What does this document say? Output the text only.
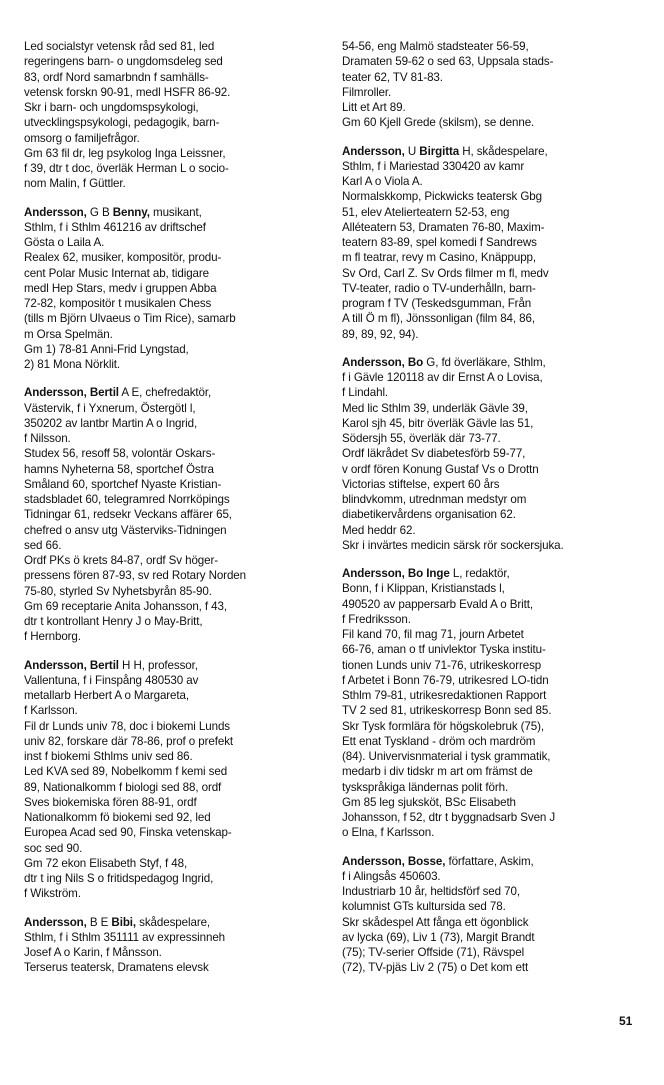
Led socialstyr vetensk råd sed 81, led
regeringens barn- o ungdomsdeleg sed
83, ordf Nord samarbndn f samhälls-
vetensk forskn 90-91, medl HSFR 86-92.
Skr i barn- och ungdomspsykologi,
utvecklingspsykologi, pedagogik, barn-
omsorg o familjefrågor.
Gm 63 fil dr, leg psykolog Inga Leissner,
f 39, dtr t doc, överläk Herman L o socio-
nom Malin, f Güttler.
Andersson, G B Benny, musikant,
Sthlm, f i Sthlm 461216 av driftschef
Gösta o Laila A.
Realex 62, musiker, kompositör, produ-
cent Polar Music Internat ab, tidigare
medl Hep Stars, medv i gruppen Abba
72-82, kompositör t musikalen Chess
(tills m Björn Ulvaeus o Tim Rice), samarb
m Orsa Spelmän.
Gm 1) 78-81 Anni-Frid Lyngstad,
2) 81 Mona Nörklit.
Andersson, Bertil A E, chefredaktör,
Västervik, f i Yxnerum, Östergötl l,
350202 av lantbr Martin A o Ingrid,
f Nilsson.
Studex 56, resoff 58, volontär Oskars-
hamns Nyheterna 58, sportchef Östra
Småland 60, sportchef Nyaste Kristian-
stadsbladet 60, telegramred Norrköpings
Tidningar 61, redsekr Veckans affärer 65,
chefred o ansv utg Västerviks-Tidningen
sed 66.
Ordf PKs ö krets 84-87, ordf Sv höger-
pressens fören 87-93, sv red Rotary Norden
75-80, styrled Sv Nyhetsbyrån 85-90.
Gm 69 receptarie Anita Johansson, f 43,
dtr t kontrollant Henry J o May-Britt,
f Hernborg.
Andersson, Bertil H H, professor,
Vallentuna, f i Finspång 480530 av
metallarb Herbert A o Margareta,
f Karlsson.
Fil dr Lunds univ 78, doc i biokemi Lunds
univ 82, forskare där 78-86, prof o prefekt
inst f biokemi Sthlms univ sed 86.
Led KVA sed 89, Nobelkomm f kemi sed
89, Nationalkomm f biologi sed 88, ordf
Sves biokemiska fören 88-91, ordf
Nationalkomm fö biokemi sed 92, led
Europea Acad sed 90, Finska vetenskap-
soc sed 90.
Gm 72 ekon Elisabeth Styf, f 48,
dtr t ing Nils S o fritidspedagog Ingrid,
f Wikström.
Andersson, B E Bibi, skådespelare,
Sthlm, f i Sthlm 351111 av expressinneh
Josef A o Karin, f Månsson.
Terserus teatersk, Dramatens elevsk
54-56, eng Malmö stadsteater 56-59,
Dramaten 59-62 o sed 63, Uppsala stads-
teater 62, TV 81-83.
Filmroller.
Litt et Art 89.
Gm 60 Kjell Grede (skilsm), se denne.
Andersson, U Birgitta H, skådespelare,
Sthlm, f i Mariestad 330420 av kamr
Karl A o Viola A.
Normalskkomp, Pickwicks teatersk Gbg
51, elev Atelierteatern 52-53, eng
Alléteatern 53, Dramaten 76-80, Maxim-
teatern 83-89, spel komedi f Sandrews
m fl teatrar, revy m Casino, Knäppupp,
Sv Ord, Carl Z. Sv Ords filmer m fl, medv
TV-teater, radio o TV-underhålln, barn-
program f TV (Teskedsgumman, Från
A till Ö m fl), Jönssonligan (film 84, 86,
89, 89, 92, 94).
Andersson, Bo G, fd överläkare, Sthlm,
f i Gävle 120118 av dir Ernst A o Lovisa,
f Lindahl.
Med lic Sthlm 39, underläk Gävle 39,
Karol sjh 45, bitr överläk Gävle las 51,
Södersjh 55, överläk där 73-77.
Ordf läkrådet Sv diabetesförb 59-77,
v ordf fören Konung Gustaf Vs o Drottn
Victorias stiftelse, expert 60 års
blindvkomm, utrednman medstyr om
diabetikervårdens organisation 62.
Med heddr 62.
Skr i invärtes medicin särsk rör sockersjuka.
Andersson, Bo Inge L, redaktör,
Bonn, f i Klippan, Kristianstads l,
490520 av pappersarb Evald A o Britt,
f Fredriksson.
Fil kand 70, fil mag 71, journ Arbetet
66-76, aman o tf univlektor Tyska institu-
tionen Lunds univ 71-76, utrikeskorresp
f Arbetet i Bonn 76-79, utrikesred LO-tidn
Sthlm 79-81, utrikesredaktionen Rapport
TV 2 sed 81, utrikeskorresp Bonn sed 85.
Skr Tysk formlära för högskolebruk (75),
Ett enat Tyskland - dröm och mardröm
(84). Univervisnmaterial i tysk grammatik,
medarb i div tidskr m art om främst de
tyskspråkiga ländernas polit förh.
Gm 85 leg sjuksköt, BSc Elisabeth
Johansson, f 52, dtr t byggnadsarb Sven J
o Elna, f Karlsson.
Andersson, Bosse, författare, Askim,
f i Alingsås 450603.
Industriarb 10 år, heltidsförf sed 70,
kolumnist GTs kultursida sed 78.
Skr skådespel Att fånga ett ögonblick
av lycka (69), Liv 1 (73), Margit Brandt
(75); TV-serier Offside (71), Rävspel
(72), TV-pjäs Liv 2 (75) o Det kom ett
51
